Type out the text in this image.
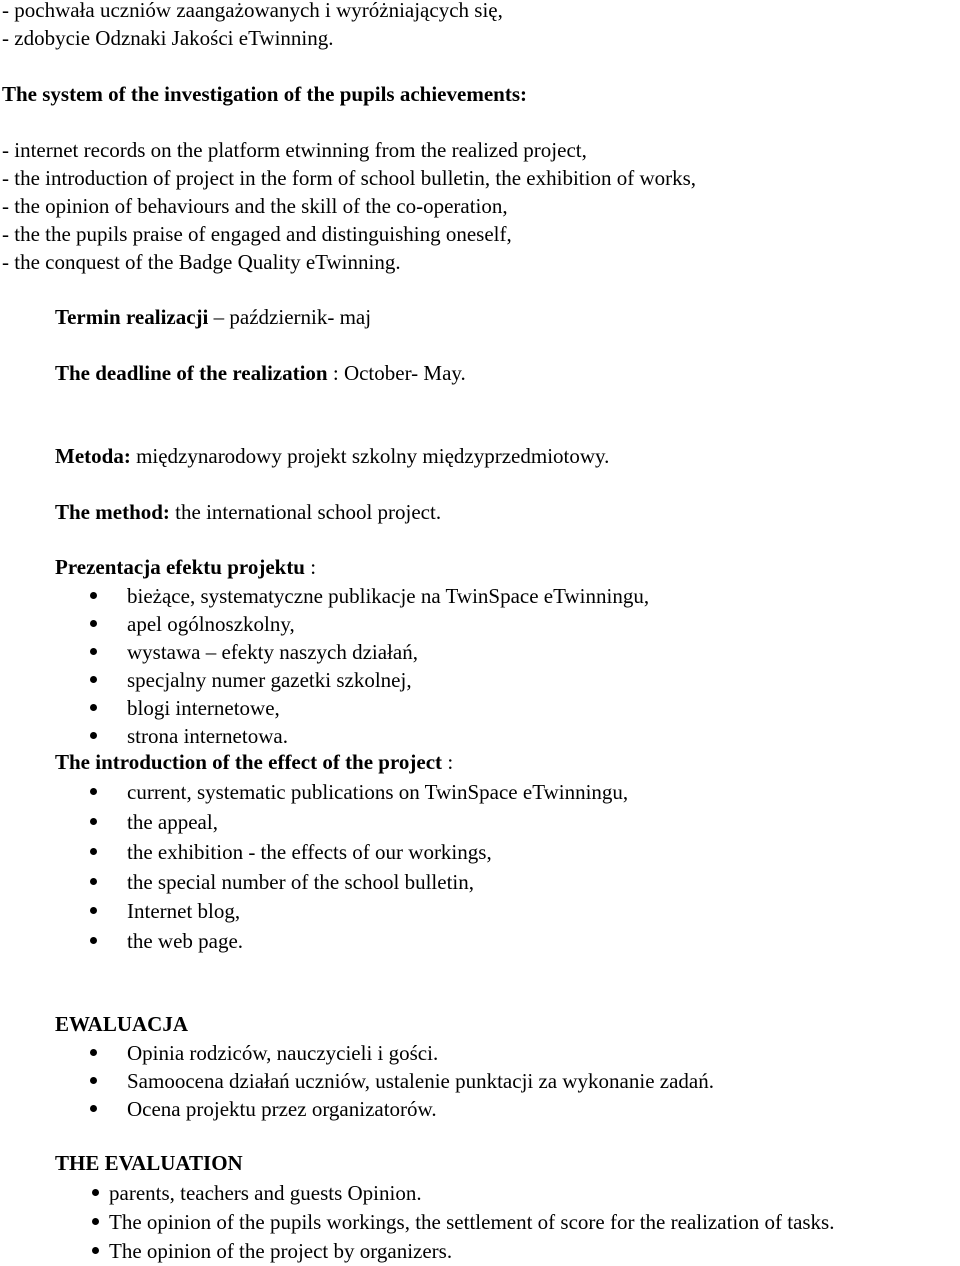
- pochwała uczniów zaangażowanych i wyróżniających się,
- zdobycie Odznaki Jakości eTwinning.
The system of the investigation of the pupils achievements:
- internet records on the platform etwinning from the realized project,
- the introduction of project in the form of school bulletin, the exhibition of works,
- the opinion of behaviours and the skill of the co-operation,
- the the pupils praise of engaged and distinguishing oneself,
- the conquest of the Badge Quality eTwinning.
Termin realizacji – październik- maj
The deadline of the realization : October- May.
Metoda: międzynarodowy projekt szkolny międzyprzedmiotowy.
The method: the international school project.
Prezentacja efektu projektu :
bieżące, systematyczne publikacje na TwinSpace eTwinningu,
apel ogólnoszkolny,
wystawa – efekty naszych działań,
specjalny numer gazetki szkolnej,
blogi internetowe,
strona internetowa.
The introduction of the effect of the project :
current, systematic publications on TwinSpace eTwinningu,
the appeal,
the exhibition - the effects of our workings,
the special number of the school bulletin,
Internet blog,
the web page.
EWALUACJA
Opinia rodziców, nauczycieli i gości.
Samoocena działań uczniów, ustalenie punktacji za wykonanie zadań.
Ocena projektu przez organizatorów.
THE EVALUATION
parents, teachers and guests Opinion.
The opinion of the pupils workings, the settlement of score for the realization of tasks.
The opinion of the project by organizers.
